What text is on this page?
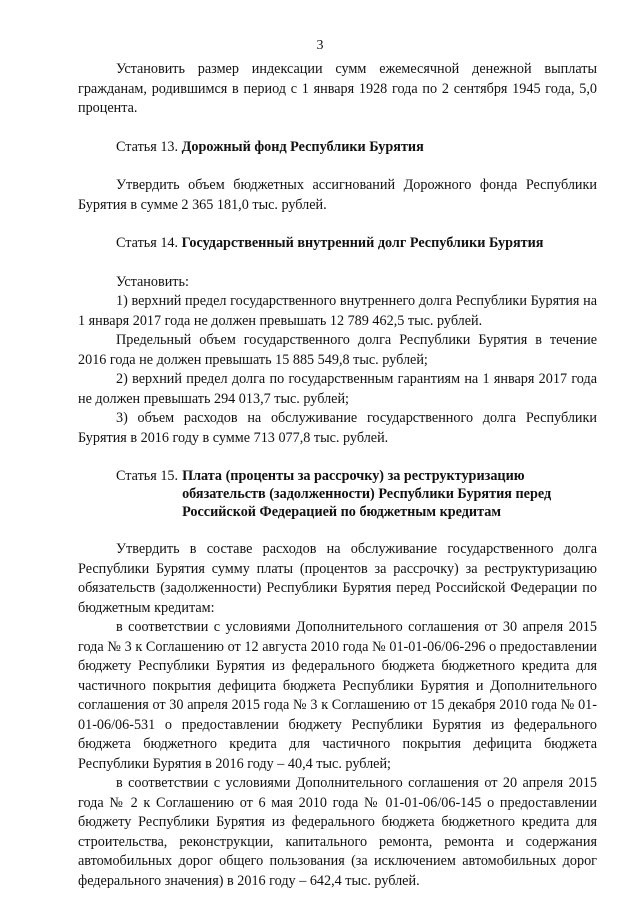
3

Установить размер индексации сумм ежемесячной денежной выплаты гражданам, родившимся в период с 1 января 1928 года по 2 сентября 1945 года, 5,0 процента.

Статья 13. Дорожный фонд Республики Бурятия

Утвердить объем бюджетных ассигнований Дорожного фонда Республики Бурятия в сумме 2 365 181,0 тыс. рублей.

Статья 14. Государственный внутренний долг Республики Бурятия

Установить:

1) верхний предел государственного внутреннего долга Республики Бурятия на 1 января 2017 года не должен превышать 12 789 462,5 тыс. рублей.

Предельный объем государственного долга Республики Бурятия в течение 2016 года не должен превышать 15 885 549,8 тыс. рублей;

2) верхний предел долга по государственным гарантиям на 1 января 2017 года не должен превышать 294 013,7 тыс. рублей;

3) объем расходов на обслуживание государственного долга Республики Бурятия в 2016 году в сумме 713 077,8 тыс. рублей.

Статья 15. Плата (проценты за рассрочку) за реструктуризацию обязательств (задолженности) Республики Бурятия перед Российской Федерацией по бюджетным кредитам

Утвердить в составе расходов на обслуживание государственного долга Республики Бурятия сумму платы (процентов за рассрочку) за реструктуризацию обязательств (задолженности) Республики Бурятия перед Российской Федерации по бюджетным кредитам:

в соответствии с условиями Дополнительного соглашения от 30 апреля 2015 года № 3 к Соглашению от 12 августа 2010 года № 01-01-06/06-296 о предоставлении бюджету Республики Бурятия из федерального бюджета бюджетного кредита для частичного покрытия дефицита бюджета Республики Бурятия и Дополнительного соглашения от 30 апреля 2015 года № 3 к Соглашению от 15 декабря 2010 года № 01-01-06/06-531 о предоставлении бюджету Республики Бурятия из федерального бюджета бюджетного кредита для частичного покрытия дефицита бюджета Республики Бурятия в 2016 году – 40,4 тыс. рублей;

в соответствии с условиями Дополнительного соглашения от 20 апреля 2015 года № 2 к Соглашению от 6 мая 2010 года № 01-01-06/06-145 о предоставлении бюджету Республики Бурятия из федерального бюджета бюджетного кредита для строительства, реконструкции, капитального ремонта, ремонта и содержания автомобильных дорог общего пользования (за исключением автомобильных дорог федерального значения) в 2016 году – 642,4 тыс. рублей.
